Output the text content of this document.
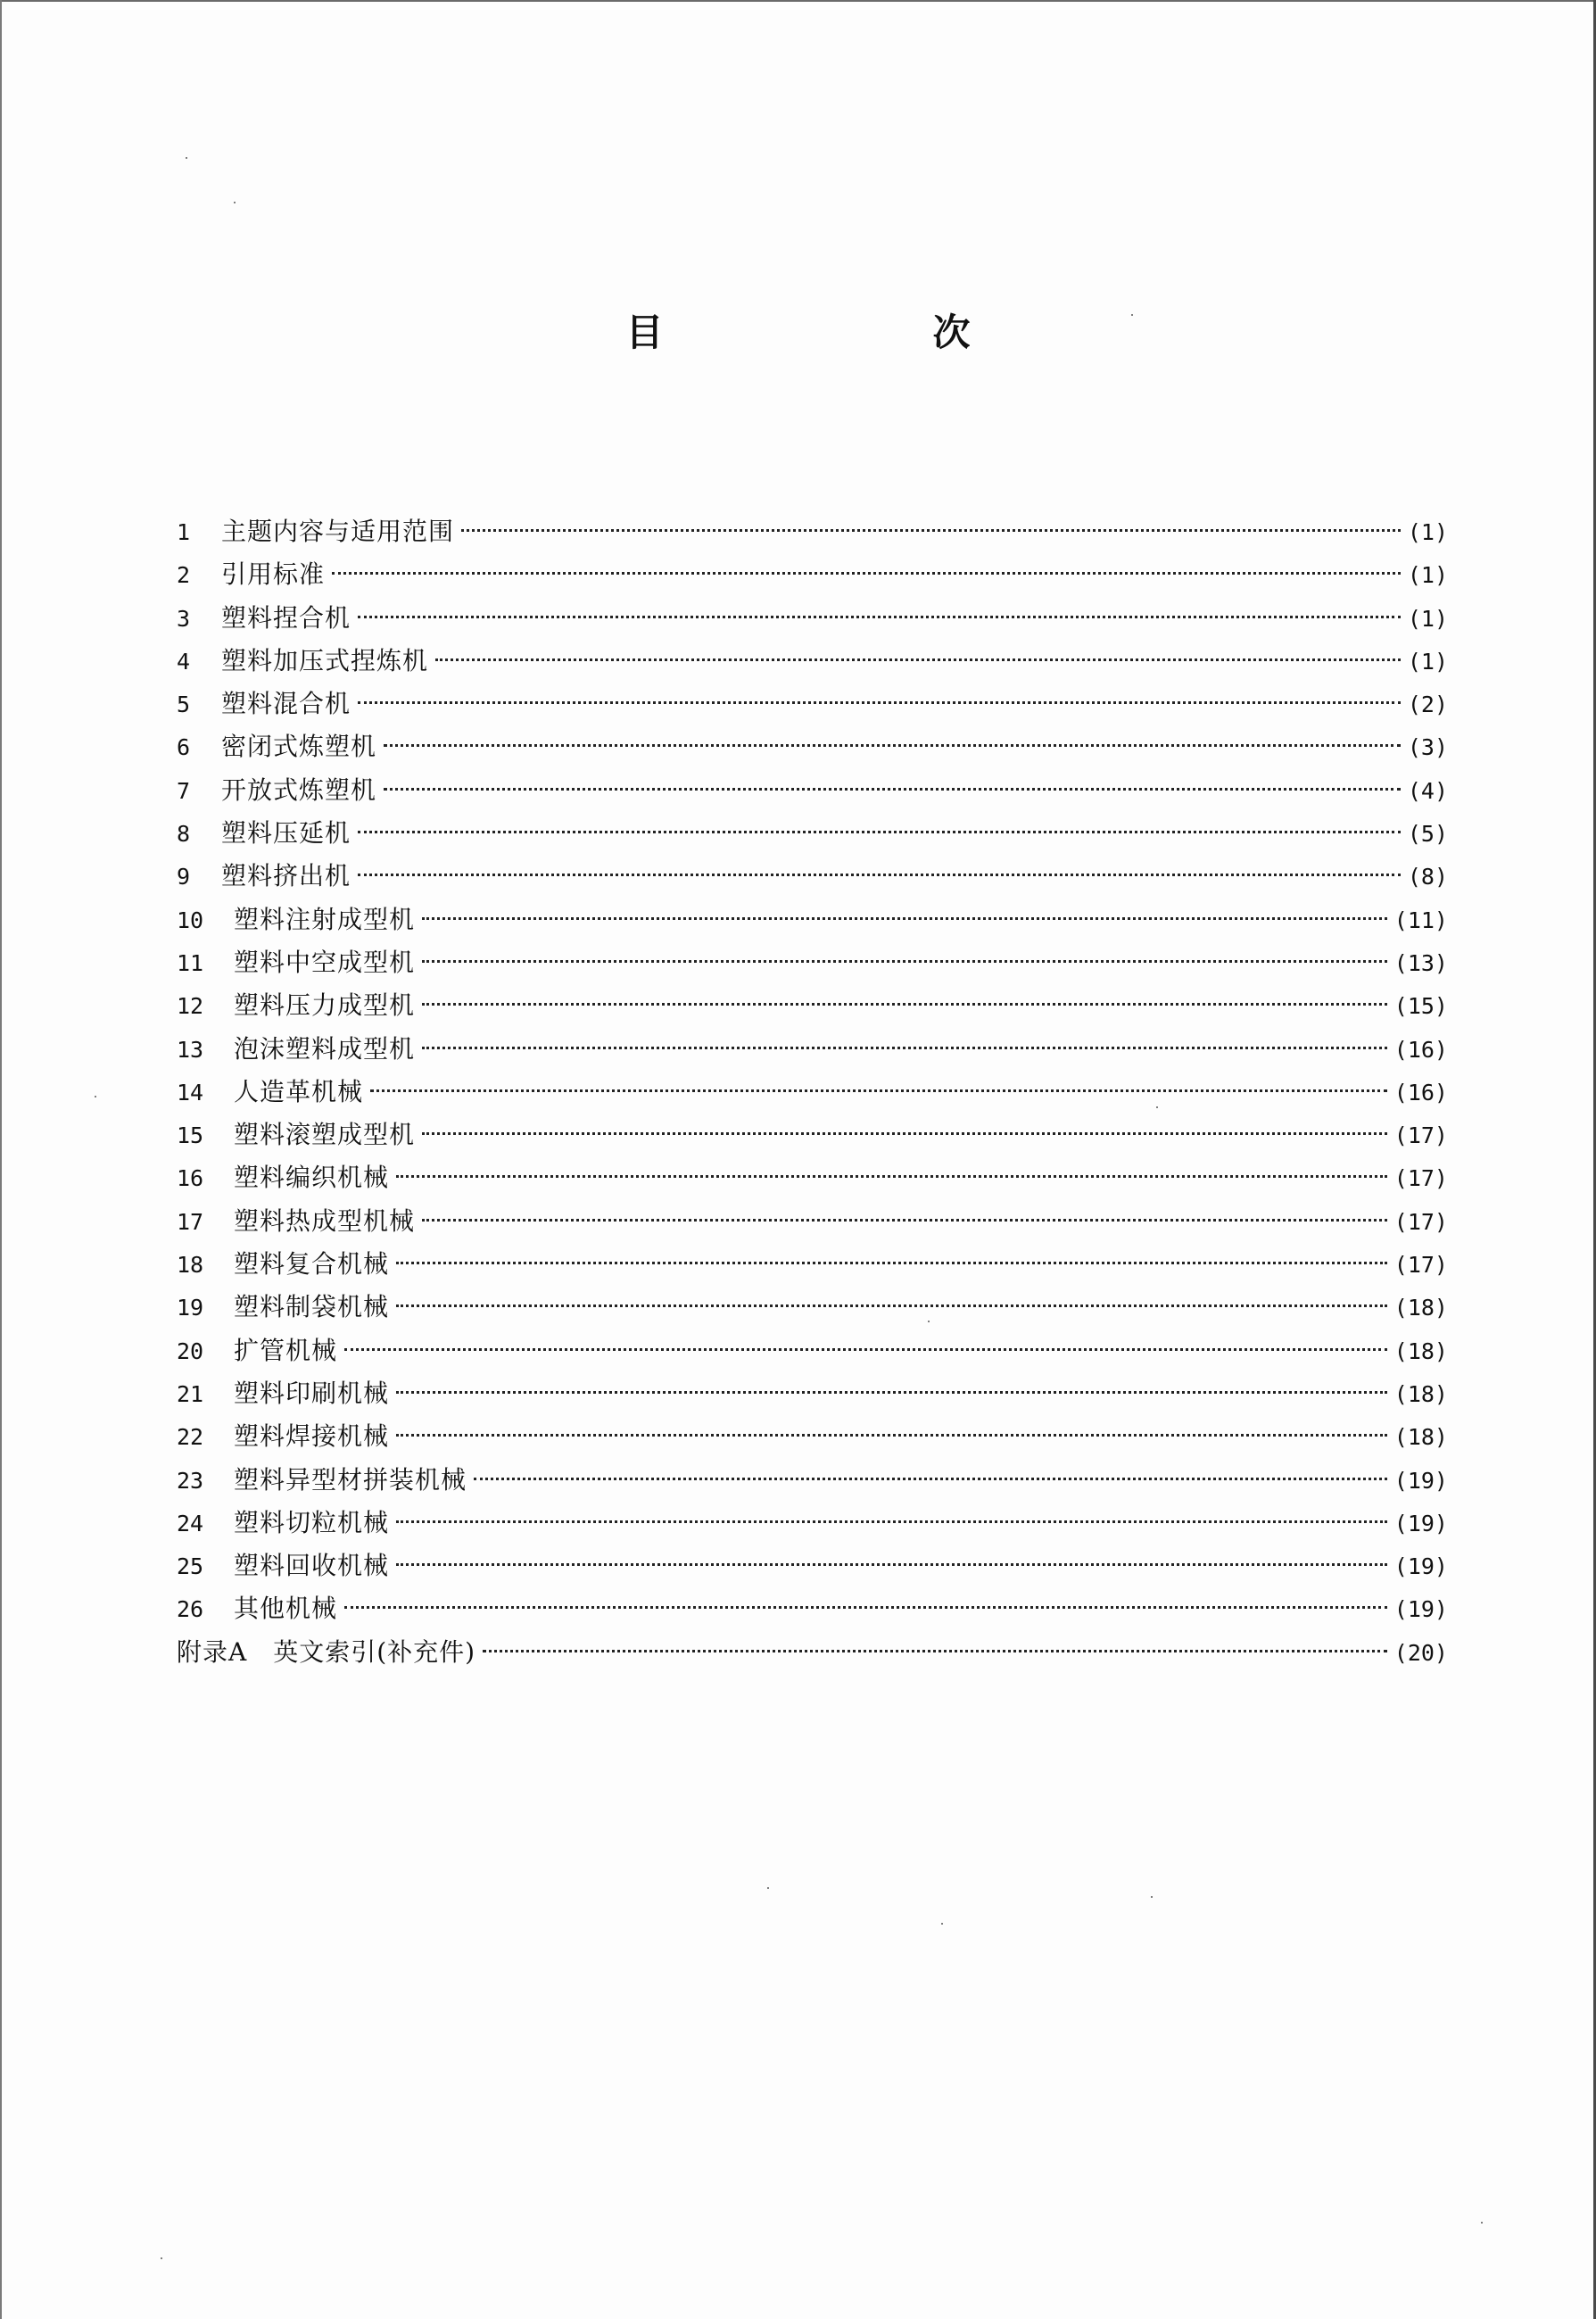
目　次
1	主题内容与适用范围	(1)
2	引用标准	(1)
3	塑料捏合机	(1)
4	塑料加压式捏炼机	(1)
5	塑料混合机	(2)
6	密闭式炼塑机	(3)
7	开放式炼塑机	(4)
8	塑料压延机	(5)
9	塑料挤出机	(8)
10	塑料注射成型机	(11)
11	塑料中空成型机	(13)
12	塑料压力成型机	(15)
13	泡沫塑料成型机	(16)
14	人造革机械	(16)
15	塑料滚塑成型机	(17)
16	塑料编织机械	(17)
17	塑料热成型机械	(17)
18	塑料复合机械	(17)
19	塑料制袋机械	(18)
20	扩管机械	(18)
21	塑料印刷机械	(18)
22	塑料焊接机械	(18)
23	塑料异型材拼装机械	(19)
24	塑料切粒机械	(19)
25	塑料回收机械	(19)
26	其他机械	(19)
附录A　英文索引(补充件)	(20)
